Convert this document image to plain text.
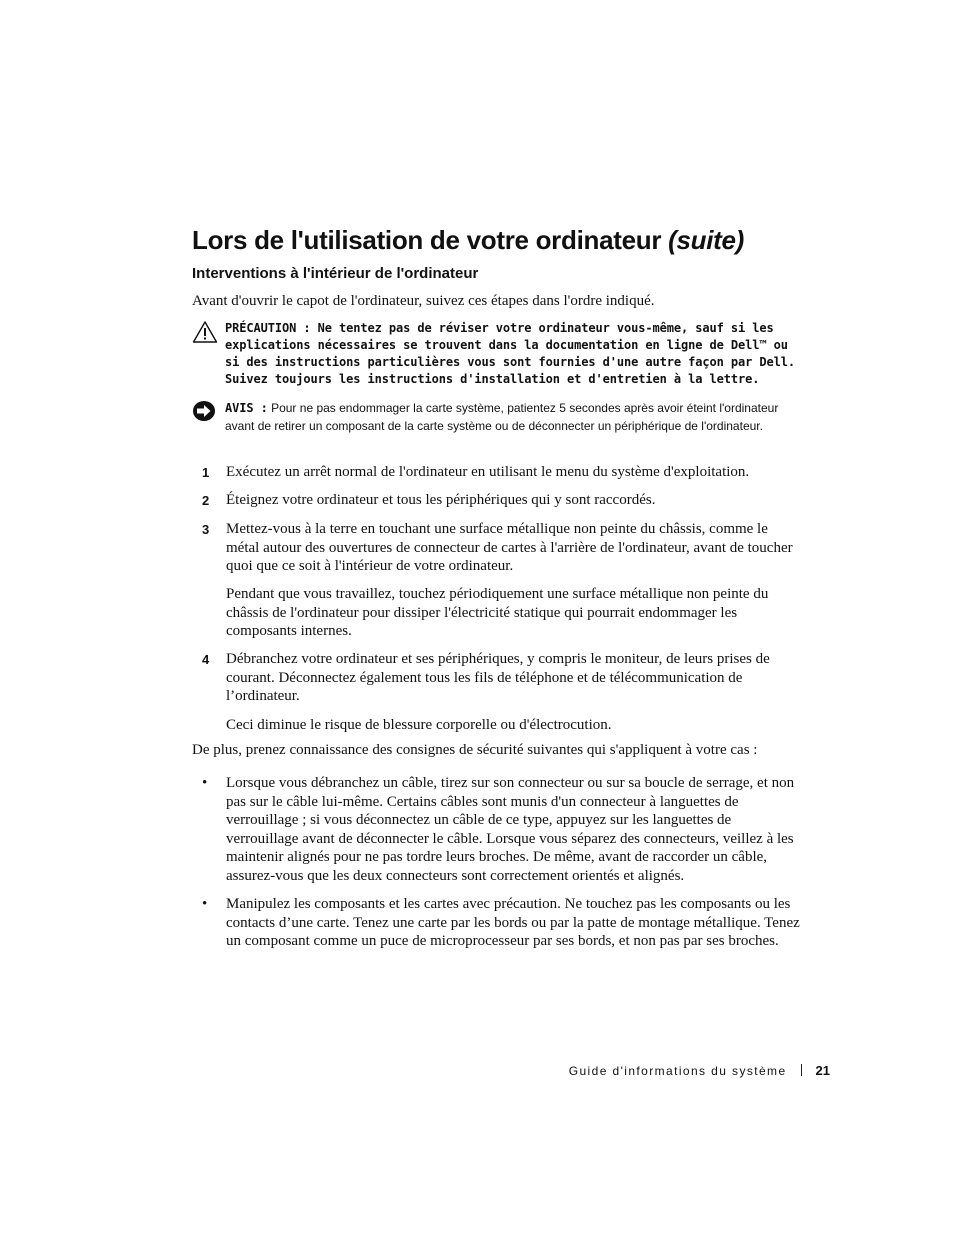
Lors de l'utilisation de votre ordinateur (suite)
Interventions à l'intérieur de l'ordinateur

Avant d'ouvrir le capot de l'ordinateur, suivez ces étapes dans l'ordre indiqué.

PRÉCAUTION : Ne tentez pas de réviser votre ordinateur vous-même, sauf si les explications nécessaires se trouvent dans la documentation en ligne de Dell™ ou si des instructions particulières vous sont fournies d'une autre façon par Dell. Suivez toujours les instructions d'installation et d'entretien à la lettre.

AVIS : Pour ne pas endommager la carte système, patientez 5 secondes après avoir éteint l'ordinateur avant de retirer un composant de la carte système ou de déconnecter un périphérique de l'ordinateur.

1 Exécutez un arrêt normal de l'ordinateur en utilisant le menu du système d'exploitation.

2 Éteignez votre ordinateur et tous les périphériques qui y sont raccordés.

3 Mettez-vous à la terre en touchant une surface métallique non peinte du châssis, comme le métal autour des ouvertures de connecteur de cartes à l'arrière de l'ordinateur, avant de toucher quoi que ce soit à l'intérieur de votre ordinateur.

Pendant que vous travaillez, touchez périodiquement une surface métallique non peinte du châssis de l'ordinateur pour dissiper l'électricité statique qui pourrait endommager les composants internes.

4 Débranchez votre ordinateur et ses périphériques, y compris le moniteur, de leurs prises de courant. Déconnectez également tous les fils de téléphone et de télécommunication de l’ordinateur.

Ceci diminue le risque de blessure corporelle ou d'électrocution.

De plus, prenez connaissance des consignes de sécurité suivantes qui s'appliquent à votre cas :

• Lorsque vous débranchez un câble, tirez sur son connecteur ou sur sa boucle de serrage, et non pas sur le câble lui-même. Certains câbles sont munis d'un connecteur à languettes de verrouillage ; si vous déconnectez un câble de ce type, appuyez sur les languettes de verrouillage avant de déconnecter le câble. Lorsque vous séparez des connecteurs, veillez à les maintenir alignés pour ne pas tordre leurs broches. De même, avant de raccorder un câble, assurez-vous que les deux connecteurs sont correctement orientés et alignés.

• Manipulez les composants et les cartes avec précaution. Ne touchez pas les composants ou les contacts d’une carte. Tenez une carte par les bords ou par la patte de montage métallique. Tenez un composant comme un puce de microprocesseur par ses bords, et non pas par ses broches.

Guide d'informations du système 21
